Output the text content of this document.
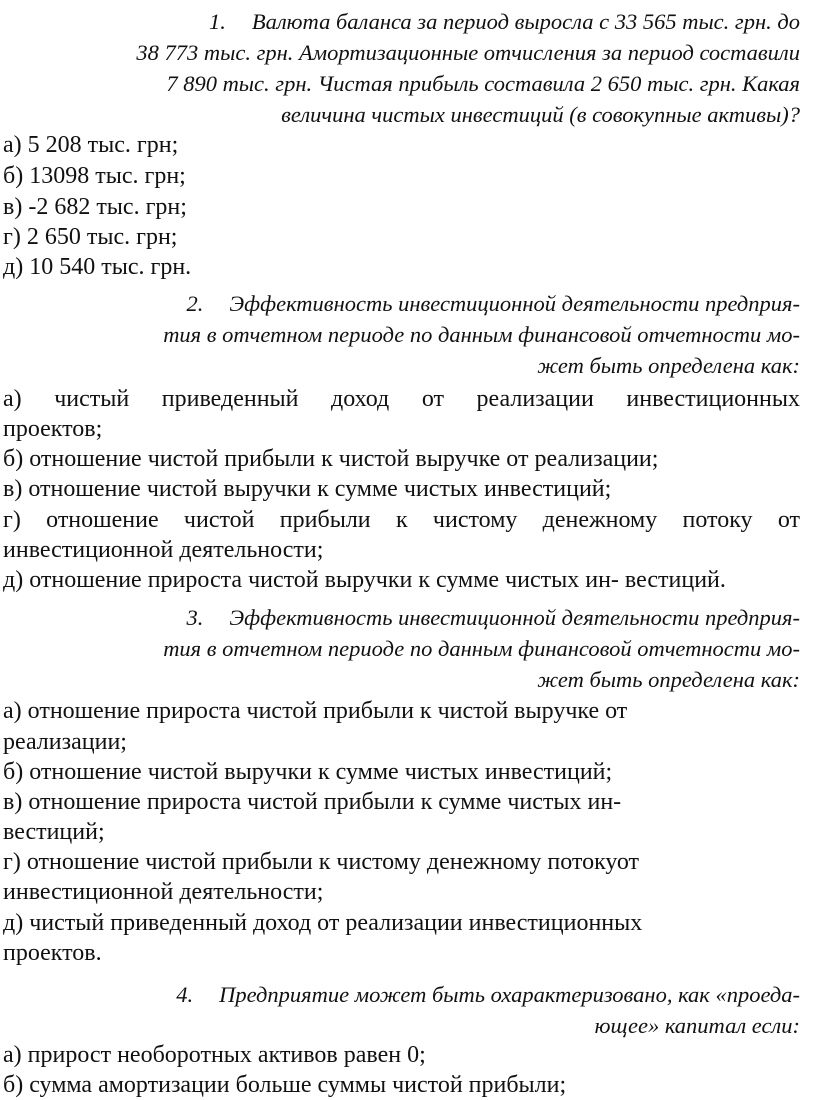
1. Валюта баланса за период выросла с 33 565 тыс. грн. до
38 773 тыс. грн. Амортизационные отчисления за период составили
7 890 тыс. грн. Чистая прибыль составила 2 650 тыс. грн. Какая
величина чистых инвестиций (в совокупные активы)?
а) 5 208 тыс. грн;
б) 13098 тыс. грн;
в) -2 682 тыс. грн;
г) 2 650 тыс. грн;
д) 10 540 тыс. грн.
2. Эффективность инвестиционной деятельности предприя-
тия в отчетном периоде по данным финансовой отчетности мо-
жет быть определена как:
а) чистый приведенный доход от реализации инвестиционных
проектов;
б) отношение чистой прибыли к чистой выручке от реализации;
в) отношение чистой выручки к сумме чистых инвестиций;
г) отношение чистой прибыли к чистому денежному потоку от
инвестиционной деятельности;
д) отношение прироста чистой выручки к сумме чистых ин- вестиций.
3. Эффективность инвестиционной деятельности предприя-
тия в отчетном периоде по данным финансовой отчетности мо-
жет быть определена как:
а) отношение прироста чистой прибыли к чистой выручке от
реализации;
б) отношение чистой выручки к сумме чистых инвестиций;
в) отношение прироста чистой прибыли к сумме чистых ин-
вестиций;
г) отношение чистой прибыли к чистому денежному потокуот
инвестиционной деятельности;
д) чистый приведенный доход от реализации инвестиционных
проектов.
4. Предприятие может быть охарактеризовано, как «проеда-
ющее» капитал если:
а) прирост необоротных активов равен 0;
б) сумма амортизации больше суммы чистой прибыли;
